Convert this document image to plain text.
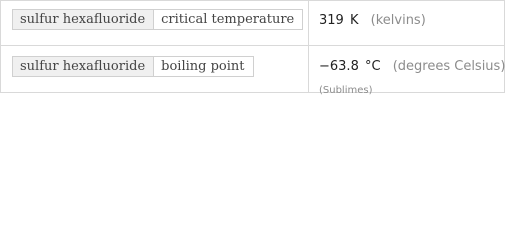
sulfur hexafluoride	critical temperature	319 K (kelvins)
sulfur hexafluoride	boiling point	−63.8 °C (degrees Celsius)
(Sublimes)
